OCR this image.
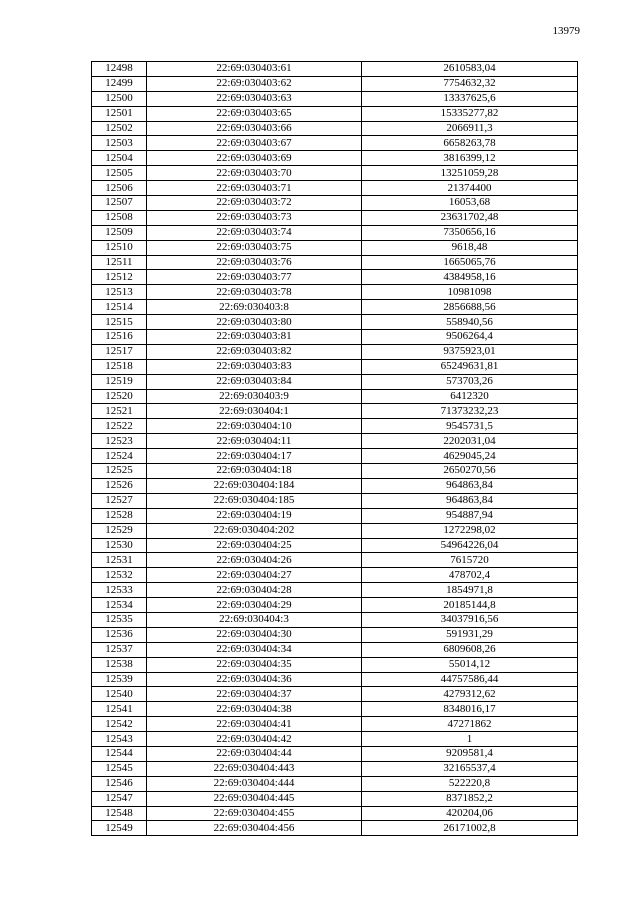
13979
12498	22:69:030403:61	2610583,04
12499	22:69:030403:62	7754632,32
12500	22:69:030403:63	13337625,6
12501	22:69:030403:65	15335277,82
12502	22:69:030403:66	2066911,3
12503	22:69:030403:67	6658263,78
12504	22:69:030403:69	3816399,12
12505	22:69:030403:70	13251059,28
12506	22:69:030403:71	21374400
12507	22:69:030403:72	16053,68
12508	22:69:030403:73	23631702,48
12509	22:69:030403:74	7350656,16
12510	22:69:030403:75	9618,48
12511	22:69:030403:76	1665065,76
12512	22:69:030403:77	4384958,16
12513	22:69:030403:78	10981098
12514	22:69:030403:8	2856688,56
12515	22:69:030403:80	558940,56
12516	22:69:030403:81	9506264,4
12517	22:69:030403:82	9375923,01
12518	22:69:030403:83	65249631,81
12519	22:69:030403:84	573703,26
12520	22:69:030403:9	6412320
12521	22:69:030404:1	71373232,23
12522	22:69:030404:10	9545731,5
12523	22:69:030404:11	2202031,04
12524	22:69:030404:17	4629045,24
12525	22:69:030404:18	2650270,56
12526	22:69:030404:184	964863,84
12527	22:69:030404:185	964863,84
12528	22:69:030404:19	954887,94
12529	22:69:030404:202	1272298,02
12530	22:69:030404:25	54964226,04
12531	22:69:030404:26	7615720
12532	22:69:030404:27	478702,4
12533	22:69:030404:28	1854971,8
12534	22:69:030404:29	20185144,8
12535	22:69:030404:3	34037916,56
12536	22:69:030404:30	591931,29
12537	22:69:030404:34	6809608,26
12538	22:69:030404:35	55014,12
12539	22:69:030404:36	44757586,44
12540	22:69:030404:37	4279312,62
12541	22:69:030404:38	8348016,17
12542	22:69:030404:41	47271862
12543	22:69:030404:42	1
12544	22:69:030404:44	9209581,4
12545	22:69:030404:443	32165537,4
12546	22:69:030404:444	522220,8
12547	22:69:030404:445	8371852,2
12548	22:69:030404:455	420204,06
12549	22:69:030404:456	26171002,8
